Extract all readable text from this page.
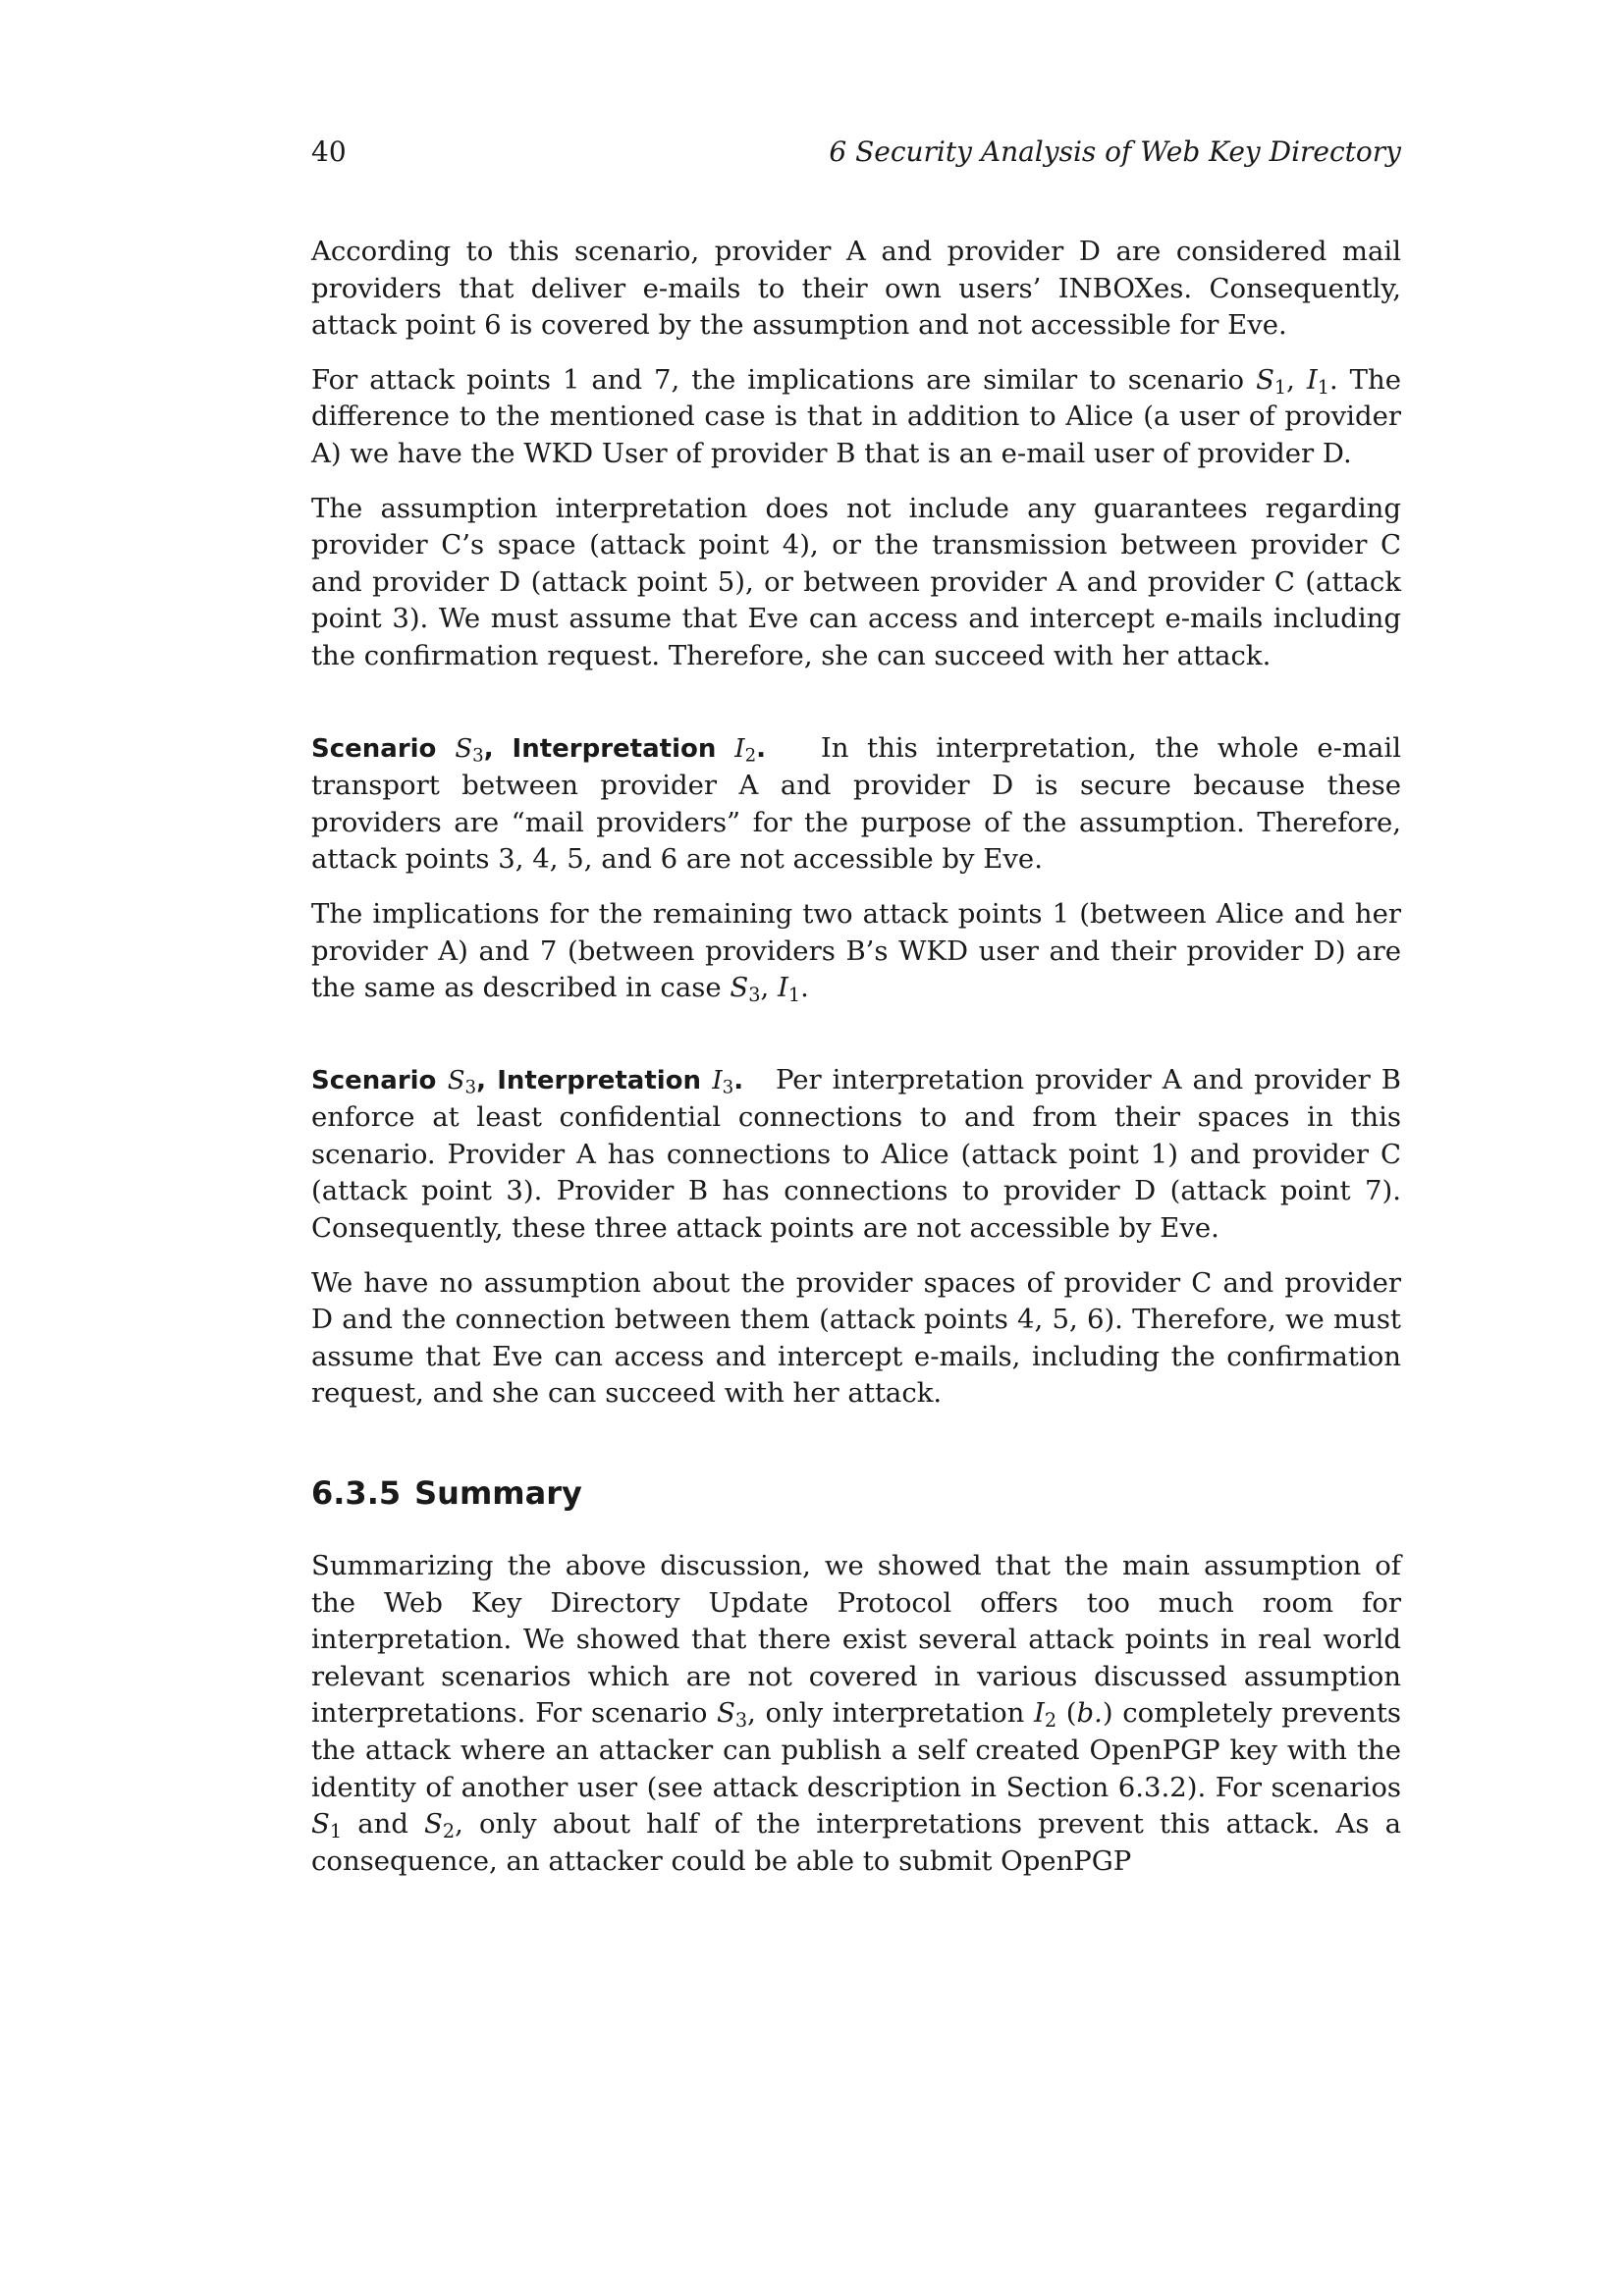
40	6 Security Analysis of Web Key Directory

According to this scenario, provider A and provider D are considered mail providers that deliver e-mails to their own users’ INBOXes. Consequently, attack point 6 is covered by the assumption and not accessible for Eve.

For attack points 1 and 7, the implications are similar to scenario $S_1$, $I_1$. The difference to the mentioned case is that in addition to Alice (a user of provider A) we have the WKD User of provider B that is an e-mail user of provider D.

The assumption interpretation does not include any guarantees regarding provider C’s space (attack point 4), or the transmission between provider C and provider D (attack point 5), or between provider A and provider C (attack point 3). We must assume that Eve can access and intercept e-mails including the confirmation request. Therefore, she can succeed with her attack.

Scenario $S_3$, Interpretation $I_2$. In this interpretation, the whole e-mail transport between provider A and provider D is secure because these providers are “mail providers” for the purpose of the assumption. Therefore, attack points 3, 4, 5, and 6 are not accessible by Eve.

The implications for the remaining two attack points 1 (between Alice and her provider A) and 7 (between providers B’s WKD user and their provider D) are the same as described in case $S_3$, $I_1$.

Scenario $S_3$, Interpretation $I_3$. Per interpretation provider A and provider B enforce at least confidential connections to and from their spaces in this scenario. Provider A has connections to Alice (attack point 1) and provider C (attack point 3). Provider B has connections to provider D (attack point 7). Consequently, these three attack points are not accessible by Eve.

We have no assumption about the provider spaces of provider C and provider D and the connection between them (attack points 4, 5, 6). Therefore, we must assume that Eve can access and intercept e-mails, including the confirmation request, and she can succeed with her attack.

6.3.5 Summary

Summarizing the above discussion, we showed that the main assumption of the Web Key Directory Update Protocol offers too much room for interpretation. We showed that there exist several attack points in real world relevant scenarios which are not covered in various discussed assumption interpretations. For scenario $S_3$, only interpretation $I_2$ (b.) completely prevents the attack where an attacker can publish a self created OpenPGP key with the identity of another user (see attack description in Section 6.3.2). For scenarios $S_1$ and $S_2$, only about half of the interpretations prevent this attack. As a consequence, an attacker could be able to submit OpenPGP
